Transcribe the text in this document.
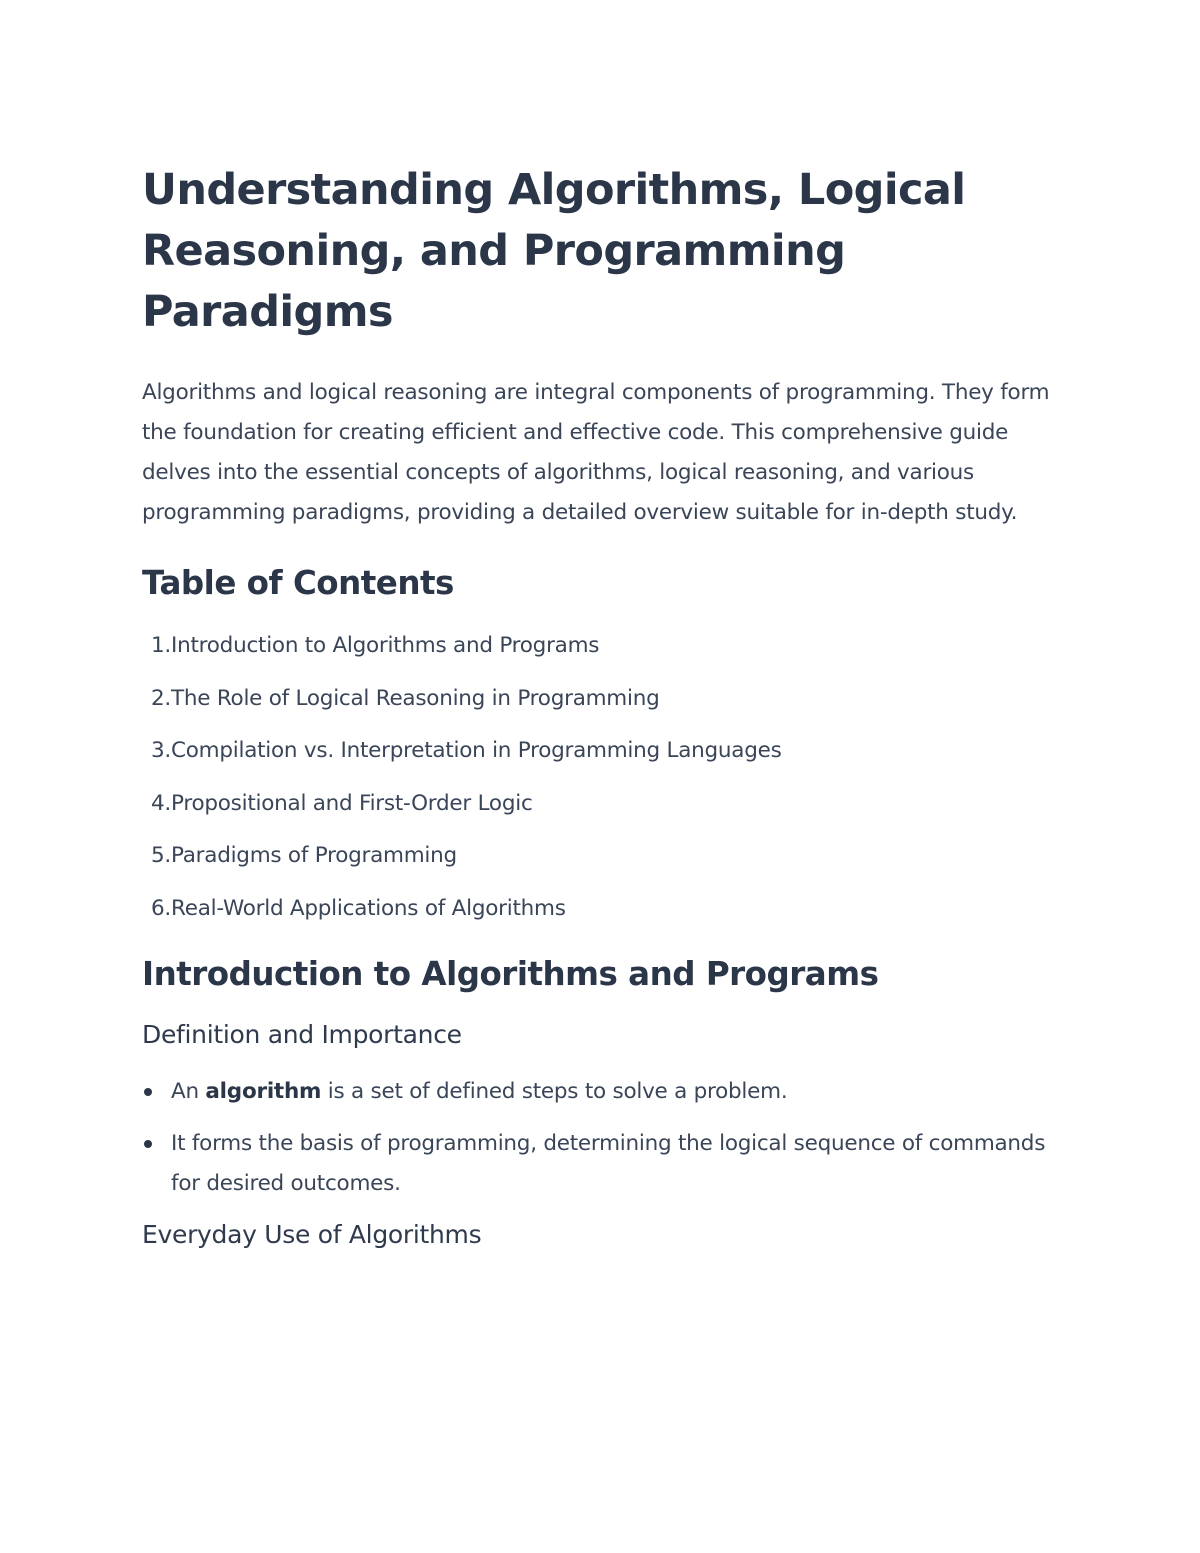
Understanding Algorithms, Logical Reasoning, and Programming Paradigms

Algorithms and logical reasoning are integral components of programming. They form the foundation for creating efficient and effective code. This comprehensive guide delves into the essential concepts of algorithms, logical reasoning, and various programming paradigms, providing a detailed overview suitable for in-depth study.

Table of Contents
1. Introduction to Algorithms and Programs
2. The Role of Logical Reasoning in Programming
3. Compilation vs. Interpretation in Programming Languages
4. Propositional and First-Order Logic
5. Paradigms of Programming
6. Real-World Applications of Algorithms
Introduction to Algorithms and Programs
Definition and Importance
An algorithm is a set of defined steps to solve a problem.
It forms the basis of programming, determining the logical sequence of commands for desired outcomes.
Everyday Use of Algorithms
